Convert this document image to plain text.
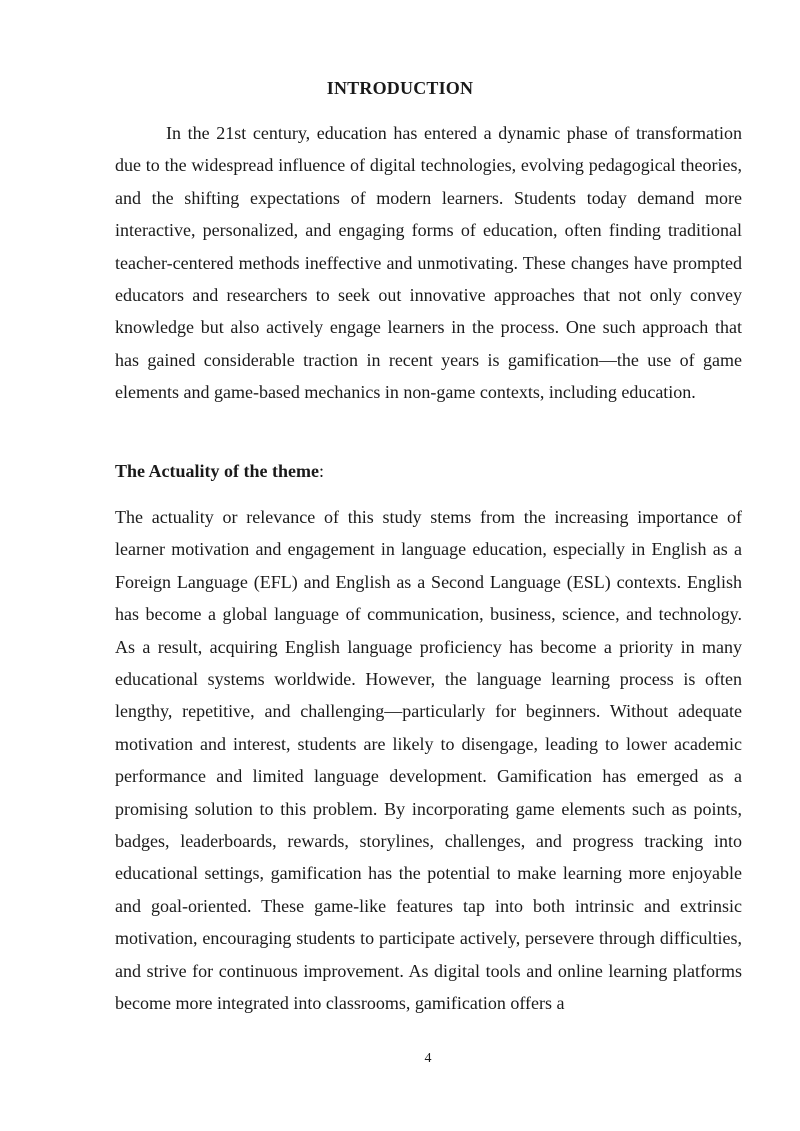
INTRODUCTION

In the 21st century, education has entered a dynamic phase of transformation due to the widespread influence of digital technologies, evolving pedagogical theories, and the shifting expectations of modern learners. Students today demand more interactive, personalized, and engaging forms of education, often finding traditional teacher-centered methods ineffective and unmotivating. These changes have prompted educators and researchers to seek out innovative approaches that not only convey knowledge but also actively engage learners in the process. One such approach that has gained considerable traction in recent years is gamification—the use of game elements and game-based mechanics in non-game contexts, including education.

The Actuality of the theme:

The actuality or relevance of this study stems from the increasing importance of learner motivation and engagement in language education, especially in English as a Foreign Language (EFL) and English as a Second Language (ESL) contexts. English has become a global language of communication, business, science, and technology. As a result, acquiring English language proficiency has become a priority in many educational systems worldwide. However, the language learning process is often lengthy, repetitive, and challenging—particularly for beginners. Without adequate motivation and interest, students are likely to disengage, leading to lower academic performance and limited language development. Gamification has emerged as a promising solution to this problem. By incorporating game elements such as points, badges, leaderboards, rewards, storylines, challenges, and progress tracking into educational settings, gamification has the potential to make learning more enjoyable and goal-oriented. These game-like features tap into both intrinsic and extrinsic motivation, encouraging students to participate actively, persevere through difficulties, and strive for continuous improvement. As digital tools and online learning platforms become more integrated into classrooms, gamification offers a

4
